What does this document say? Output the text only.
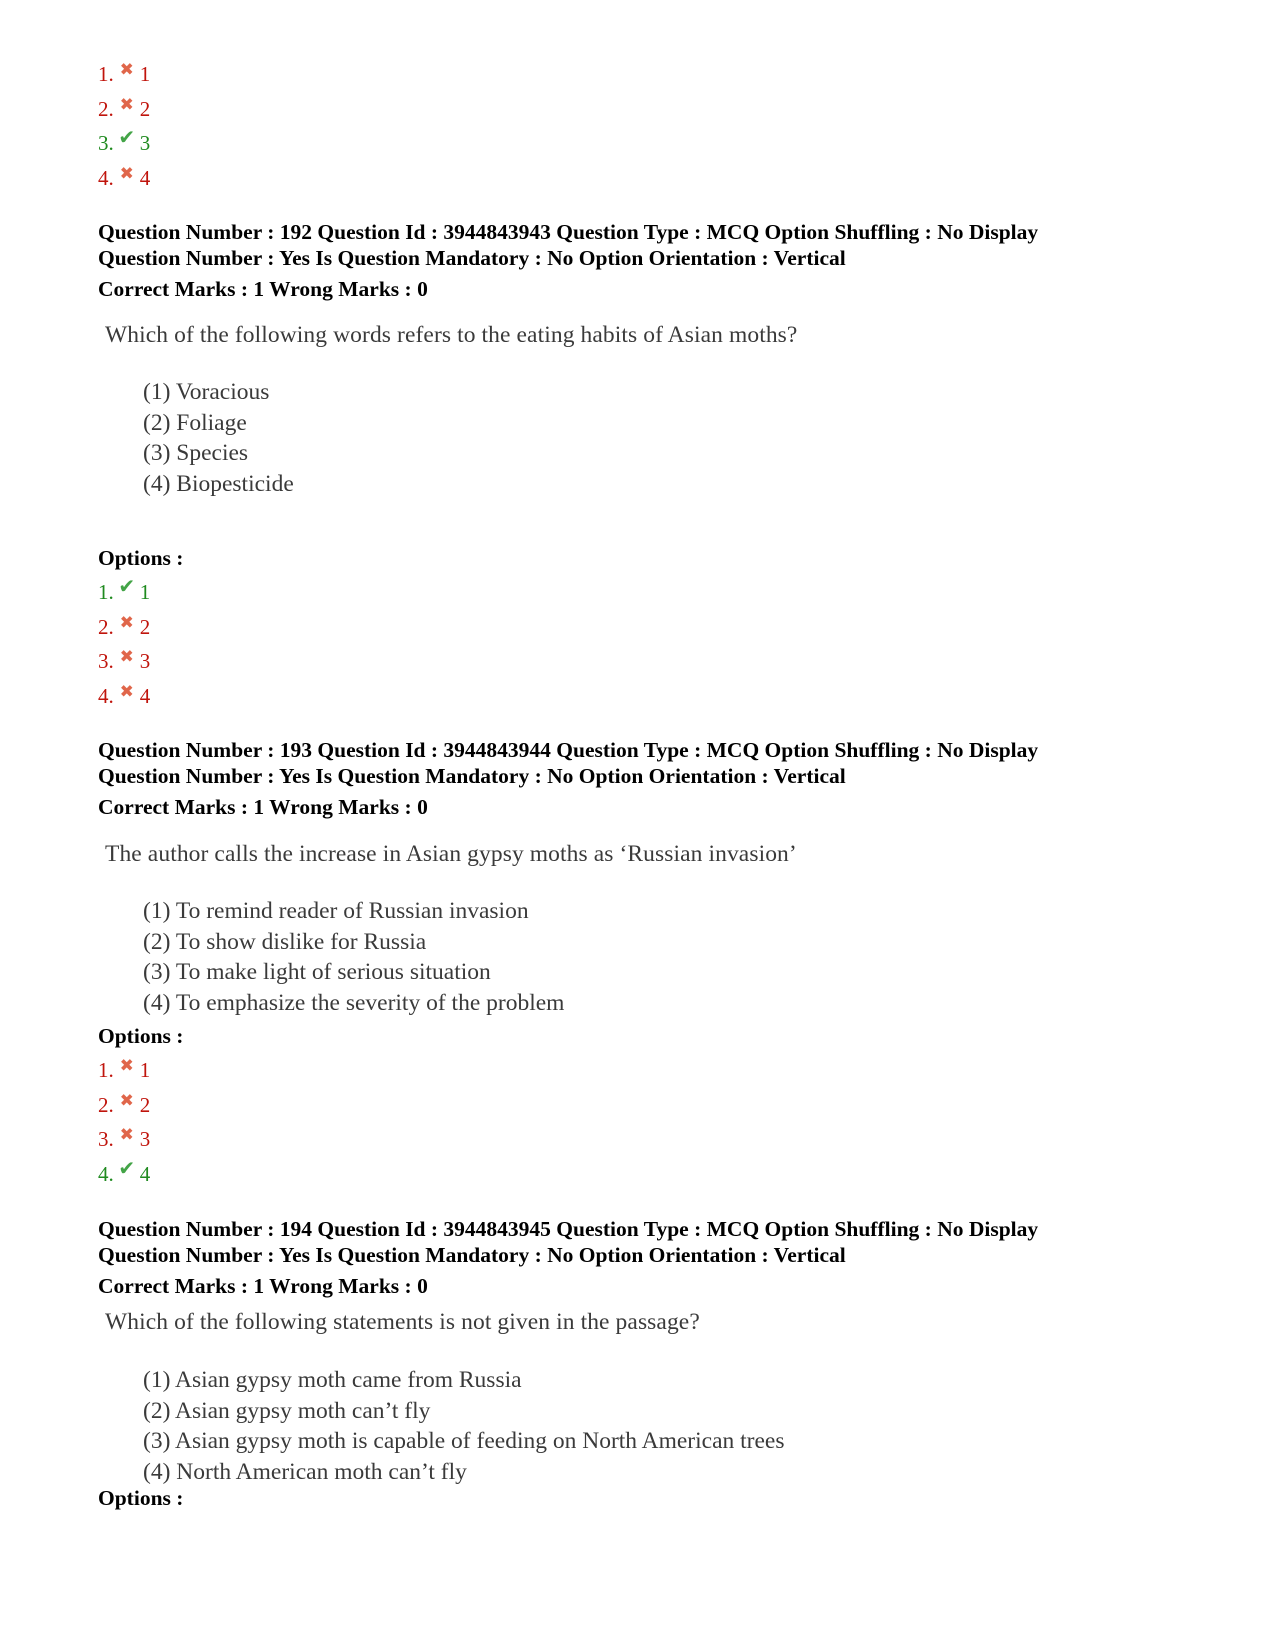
1. ✖ 1
2. ✖ 2
3. ✔ 3
4. ✖ 4
Question Number : 192 Question Id : 3944843943 Question Type : MCQ Option Shuffling : No Display
Question Number : Yes Is Question Mandatory : No Option Orientation : Vertical
Correct Marks : 1 Wrong Marks : 0
Which of the following words refers to the eating habits of Asian moths?
(1) Voracious
(2) Foliage
(3) Species
(4) Biopesticide
Options :
1. ✔ 1
2. ✖ 2
3. ✖ 3
4. ✖ 4
Question Number : 193 Question Id : 3944843944 Question Type : MCQ Option Shuffling : No Display
Question Number : Yes Is Question Mandatory : No Option Orientation : Vertical
Correct Marks : 1 Wrong Marks : 0
The author calls the increase in Asian gypsy moths as ‘Russian invasion’
(1) To remind reader of Russian invasion
(2) To show dislike for Russia
(3) To make light of serious situation
(4) To emphasize the severity of the problem
Options :
1. ✖ 1
2. ✖ 2
3. ✖ 3
4. ✔ 4
Question Number : 194 Question Id : 3944843945 Question Type : MCQ Option Shuffling : No Display
Question Number : Yes Is Question Mandatory : No Option Orientation : Vertical
Correct Marks : 1 Wrong Marks : 0
Which of the following statements is not given in the passage?
(1) Asian gypsy moth came from Russia
(2) Asian gypsy moth can’t fly
(3) Asian gypsy moth is capable of feeding on North American trees
(4) North American moth can’t fly
Options :
